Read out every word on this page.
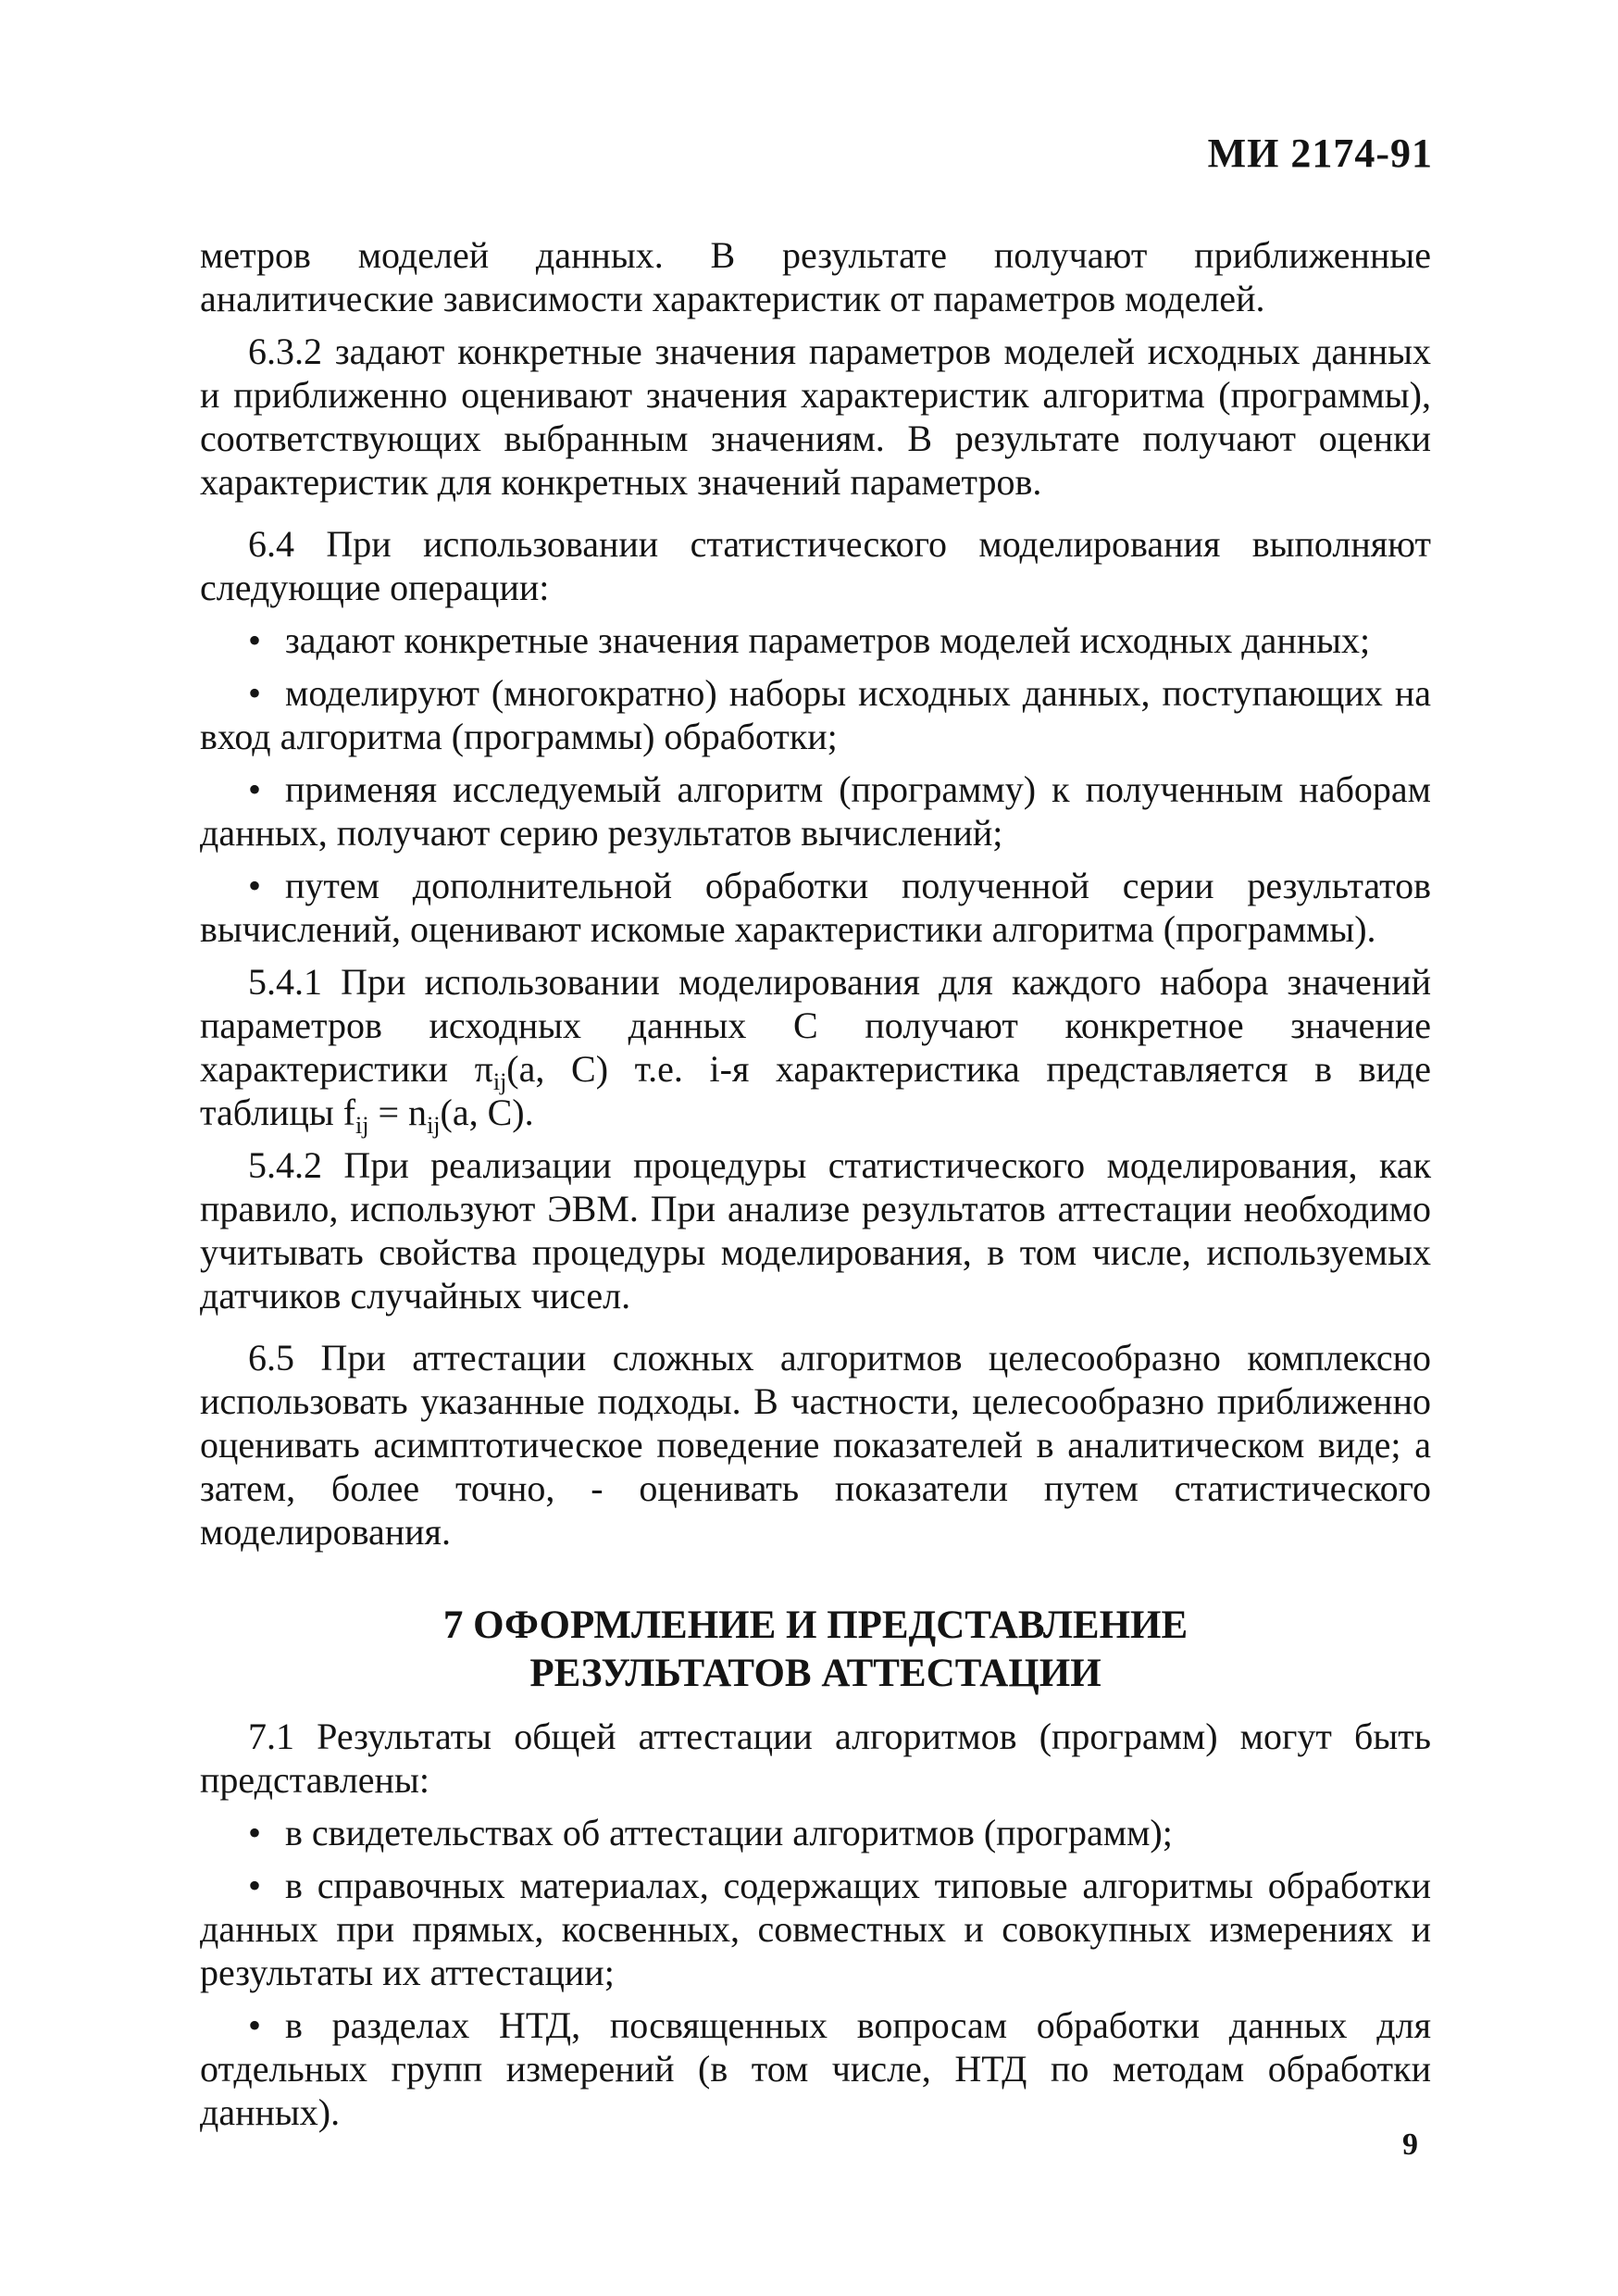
МИ 2174-91

метров моделей данных. В результате получают приближенные аналитические зависимости характеристик от параметров моделей.

6.3.2 задают конкретные значения параметров моделей исходных данных и приближенно оценивают значения характеристик алгоритма (программы), соответствующих выбранным значениям. В результате получают оценки характеристик для конкретных значений параметров.

6.4 При использовании статистического моделирования выполняют следующие операции:

• задают конкретные значения параметров моделей исходных данных;

• моделируют (многократно) наборы исходных данных, поступающих на вход алгоритма (программы) обработки;

• применяя исследуемый алгоритм (программу) к полученным наборам данных, получают серию результатов вычислений;

• путем дополнительной обработки полученной серии результатов вычислений, оценивают искомые характеристики алгоритма (программы).

5.4.1 При использовании моделирования для каждого набора значений параметров исходных данных С получают конкретное значение характеристики $\pi_{ij}(a$, С) т.е. i-я характеристика представляется в виде таблицы $f_{ij} = n_{ij}(a$, C).

5.4.2 При реализации процедуры статистического моделирования, как правило, используют ЭВМ. При анализе результатов аттестации необходимо учитывать свойства процедуры моделирования, в том числе, используемых датчиков случайных чисел.

6.5 При аттестации сложных алгоритмов целесообразно комплексно использовать указанные подходы. В частности, целесообразно приближенно оценивать асимптотическое поведение показателей в аналитическом виде; а затем, более точно, - оценивать показатели путем статистического моделирования.

7 ОФОРМЛЕНИЕ И ПРЕДСТАВЛЕНИЕ
РЕЗУЛЬТАТОВ АТТЕСТАЦИИ

7.1 Результаты общей аттестации алгоритмов (программ) могут быть представлены:

• в свидетельствах об аттестации алгоритмов (программ);

• в справочных материалах, содержащих типовые алгоритмы обработки данных при прямых, косвенных, совместных и совокупных измерениях и результаты их аттестации;

• в разделах НТД, посвященных вопросам обработки данных для отдельных групп измерений (в том числе, НТД по методам обработки данных).

9
